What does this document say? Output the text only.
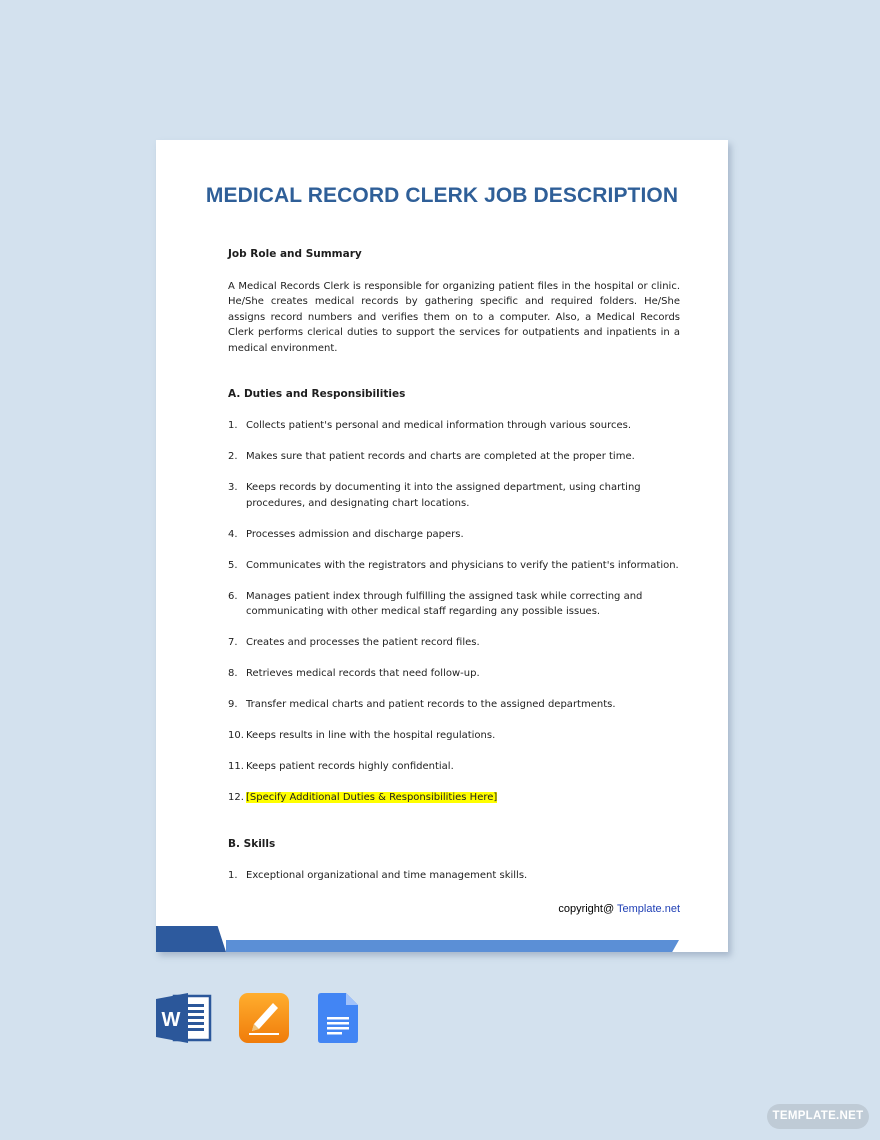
MEDICAL RECORD CLERK JOB DESCRIPTION
Job Role and Summary
A Medical Records Clerk is responsible for organizing patient files in the hospital or clinic. He/She creates medical records by gathering specific and required folders. He/She assigns record numbers and verifies them on to a computer. Also, a Medical Records Clerk performs clerical duties to support the services for outpatients and inpatients in a medical environment.
A. Duties and Responsibilities
1. Collects patient's personal and medical information through various sources.
2. Makes sure that patient records and charts are completed at the proper time.
3. Keeps records by documenting it into the assigned department, using charting procedures, and designating chart locations.
4. Processes admission and discharge papers.
5. Communicates with the registrators and physicians to verify the patient's information.
6. Manages patient index through fulfilling the assigned task while correcting and communicating with other medical staff regarding any possible issues.
7. Creates and processes the patient record files.
8. Retrieves medical records that need follow-up.
9. Transfer medical charts and patient records to the assigned departments.
10. Keeps results in line with the hospital regulations.
11. Keeps patient records highly confidential.
12. [Specify Additional Duties & Responsibilities Here]
B. Skills
1. Exceptional organizational and time management skills.
copyright@ Template.net
W
TEMPLATE.NET
